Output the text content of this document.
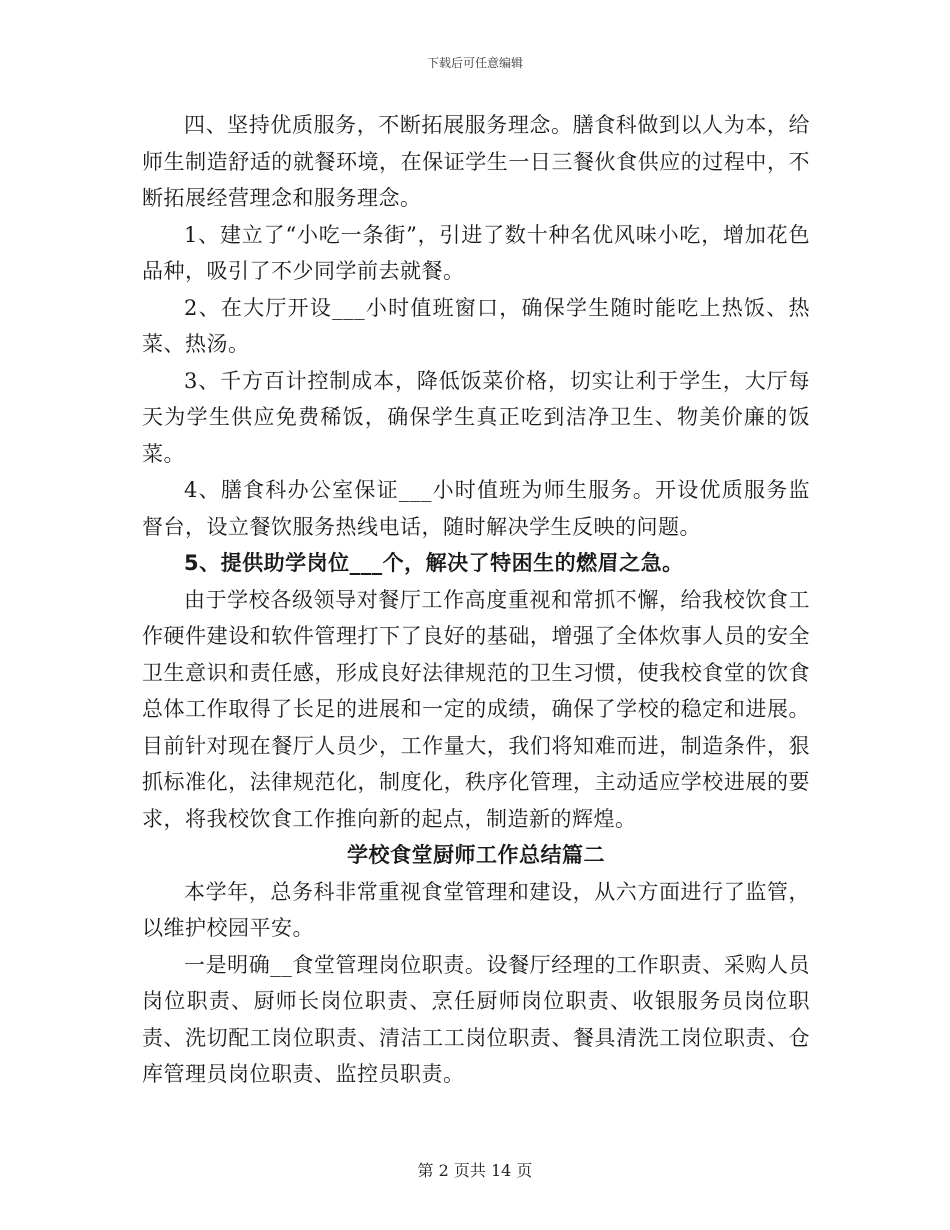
下载后可任意编辑

四、坚持优质服务，不断拓展服务理念。膳食科做到以人为本，给师生制造舒适的就餐环境，在保证学生一日三餐伙食供应的过程中，不断拓展经营理念和服务理念。

1、建立了“小吃一条街”，引进了数十种名优风味小吃，增加花色品种，吸引了不少同学前去就餐。

2、在大厅开设___小时值班窗口，确保学生随时能吃上热饭、热菜、热汤。

3、千方百计控制成本，降低饭菜价格，切实让利于学生，大厅每天为学生供应免费稀饭，确保学生真正吃到洁净卫生、物美价廉的饭菜。

4、膳食科办公室保证___小时值班为师生服务。开设优质服务监督台，设立餐饮服务热线电话，随时解决学生反映的问题。

5、提供助学岗位___个，解决了特困生的燃眉之急。

由于学校各级领导对餐厅工作高度重视和常抓不懈，给我校饮食工作硬件建设和软件管理打下了良好的基础，增强了全体炊事人员的安全卫生意识和责任感，形成良好法律规范的卫生习惯，使我校食堂的饮食总体工作取得了长足的进展和一定的成绩，确保了学校的稳定和进展。目前针对现在餐厅人员少，工作量大，我们将知难而进，制造条件，狠抓标准化，法律规范化，制度化，秩序化管理，主动适应学校进展的要求，将我校饮食工作推向新的起点，制造新的辉煌。

学校食堂厨师工作总结篇二

本学年，总务科非常重视食堂管理和建设，从六方面进行了监管，以维护校园平安。

一是明确__食堂管理岗位职责。设餐厅经理的工作职责、采购人员岗位职责、厨师长岗位职责、烹任厨师岗位职责、收银服务员岗位职责、洗切配工岗位职责、清洁工工岗位职责、餐具清洗工岗位职责、仓库管理员岗位职责、监控员职责。

第 2 页共 14 页
